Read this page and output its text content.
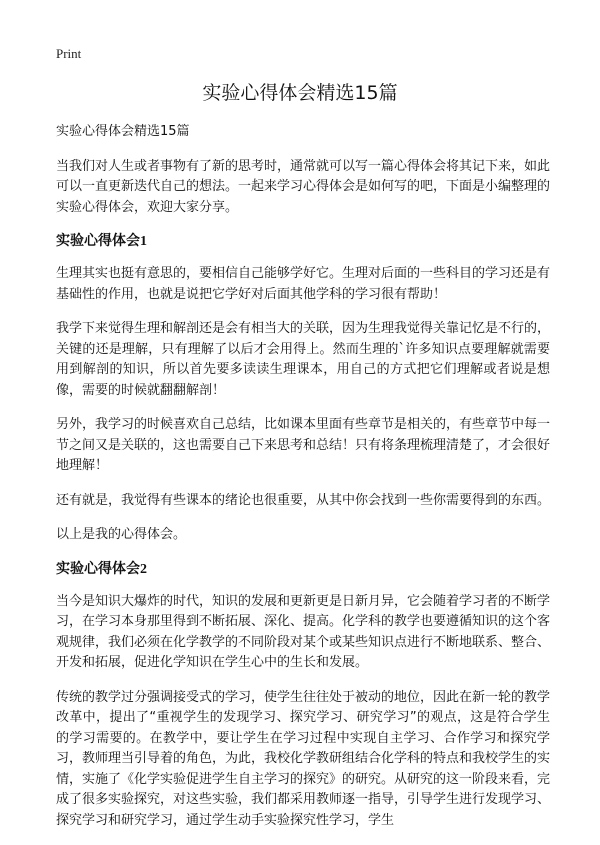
Print
实验心得体会精选15篇

实验心得体会精选15篇

当我们对人生或者事物有了新的思考时，通常就可以写一篇心得体会将其记下来，如此可以一直更新迭代自己的想法。一起来学习心得体会是如何写的吧，下面是小编整理的实验心得体会，欢迎大家分享。

实验心得体会1

生理其实也挺有意思的，要相信自己能够学好它。生理对后面的一些科目的学习还是有基础性的作用，也就是说把它学好对后面其他学科的学习很有帮助！

我学下来觉得生理和解剖还是会有相当大的关联，因为生理我觉得关靠记忆是不行的，关键的还是理解，只有理解了以后才会用得上。然而生理的`许多知识点要理解就需要用到解剖的知识，所以首先要多读读生理课本，用自己的方式把它们理解或者说是想像，需要的时候就翻翻解剖！

另外，我学习的时候喜欢自己总结，比如课本里面有些章节是相关的，有些章节中每一节之间又是关联的，这也需要自己下来思考和总结！只有将条理梳理清楚了，才会很好地理解！

还有就是，我觉得有些课本的绪论也很重要，从其中你会找到一些你需要得到的东西。

以上是我的心得体会。

实验心得体会2

当今是知识大爆炸的时代，知识的发展和更新更是日新月异，它会随着学习者的不断学习，在学习本身那里得到不断拓展、深化、提高。化学科的教学也要遵循知识的这个客观规律，我们必须在化学教学的不同阶段对某个或某些知识点进行不断地联系、整合、开发和拓展，促进化学知识在学生心中的生长和发展。

传统的教学过分强调接受式的学习，使学生往往处于被动的地位，因此在新一轮的教学改革中，提出了“重视学生的发现学习、探究学习、研究学习”的观点，这是符合学生的学习需要的。在教学中，要让学生在学习过程中实现自主学习、合作学习和探究学习，教师理当引导着的角色，为此，我校化学教研组结合化学科的特点和我校学生的实情，实施了《化学实验促进学生自主学习的探究》的研究。从研究的这一阶段来看，完成了很多实验探究，对这些实验，我们都采用教师逐一指导，引导学生进行发现学习、探究学习和研究学习，通过学生动手实验探究性学习，学生
